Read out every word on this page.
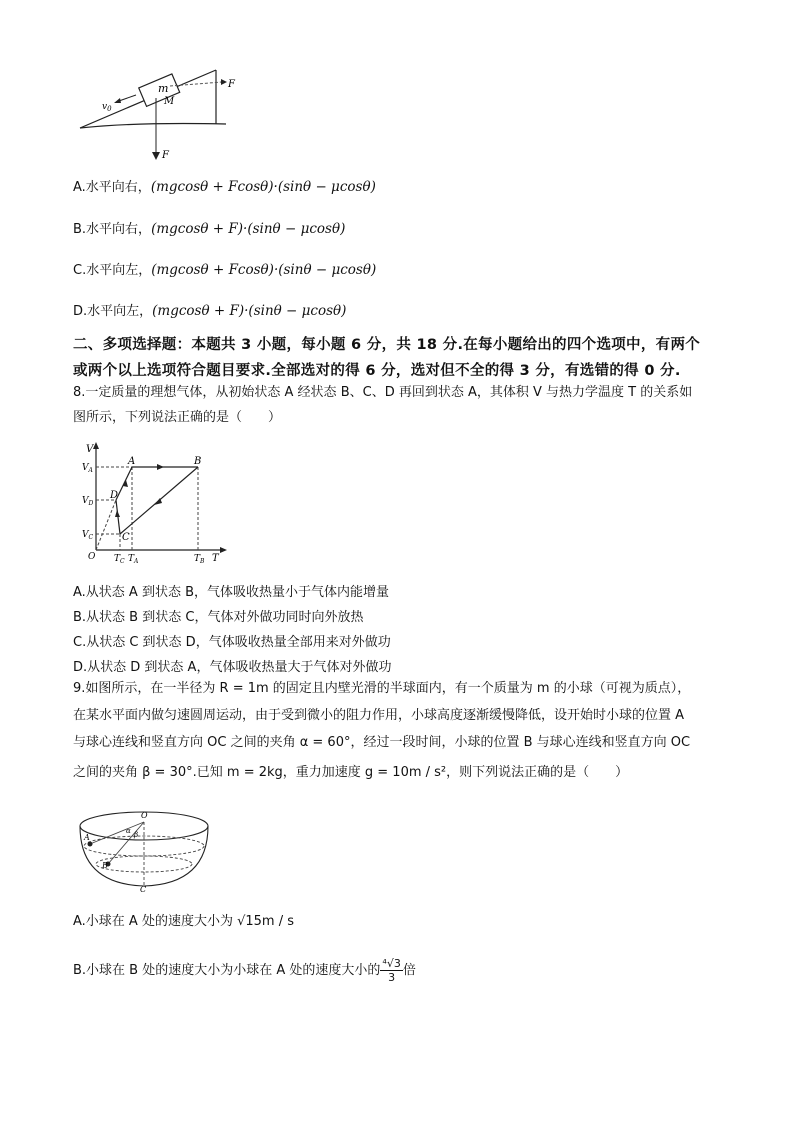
m
M
$v_0$
F
F
A.水平向右，(mgcosθ + Fcosθ)·(sinθ − μcosθ)
B.水平向右，(mgcosθ + F)·(sinθ − μcosθ)
C.水平向左，(mgcosθ + Fcosθ)·(sinθ − μcosθ)
D.水平向左，(mgcosθ + F)·(sinθ − μcosθ)
二、多项选择题：本题共 3 小题，每小题 6 分，共 18 分.在每小题给出的四个选项中，有两个
或两个以上选项符合题目要求.全部选对的得 6 分，选对但不全的得 3 分，有选错的得 0 分.
8.一定质量的理想气体，从初始状态 A 经状态 B、C、D 再回到状态 A，其体积 V 与热力学温度 T 的关系如
图所示，下列说法正确的是（　　）
V
T
O
A	B
C
D
$V_A$
$V_D$
$V_C$
$T_C$ $T_A$	$T_B$
A.从状态 A 到状态 B，气体吸收热量小于气体内能增量
B.从状态 B 到状态 C，气体对外做功同时向外放热
C.从状态 C 到状态 D，气体吸收热量全部用来对外做功
D.从状态 D 到状态 A，气体吸收热量大于气体对外做功
9.如图所示，在一半径为 R = 1m 的固定且内壁光滑的半球面内，有一个质量为 m 的小球（可视为质点），
在某水平面内做匀速圆周运动，由于受到微小的阻力作用，小球高度逐渐缓慢降低，设开始时小球的位置 A
与球心连线和竖直方向 OC 之间的夹角 α = 60°，经过一段时间，小球的位置 B 与球心连线和竖直方向 OC
之间的夹角 β = 30°.已知 m = 2kg，重力加速度 g = 10m / s²，则下列说法正确的是（　　）
O
A
B
C
α β
A.小球在 A 处的速度大小为 √15m / s
B.小球在 B 处的速度大小为小球在 A 处的速度大小的 $\frac{\text{⁴√3}}{3}$ 倍
